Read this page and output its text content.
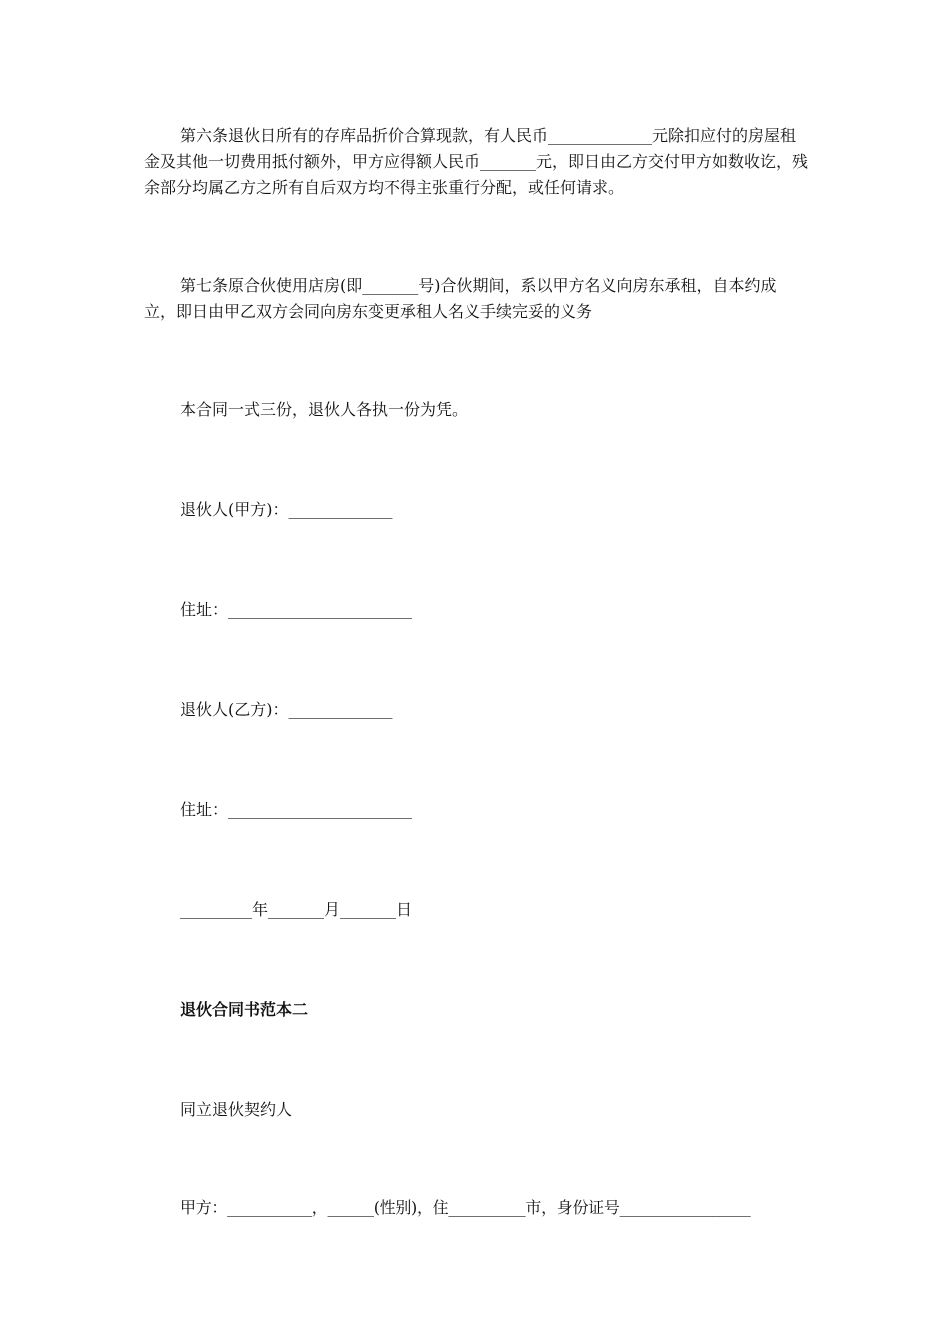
第六条退伙日所有的存库品折价合算现款，有人民币_____________元除扣应付的房屋租金及其他一切费用抵付额外，甲方应得额人民币_______元，即日由乙方交付甲方如数收讫，残余部分均属乙方之所有自后双方均不得主张重行分配，或任何请求。

第七条原合伙使用店房(即_______号)合伙期间，系以甲方名义向房东承租，自本约成立，即日由甲乙双方会同向房东变更承租人名义手续完妥的义务

本合同一式三份，退伙人各执一份为凭。

退伙人(甲方)：_____________

住址：_______________________

退伙人(乙方)：_____________

住址：_______________________

_________年_______月_______日

退伙合同书范本二

同立退伙契约人

甲方：___________，______(性别)，住__________市，身份证号_________________
